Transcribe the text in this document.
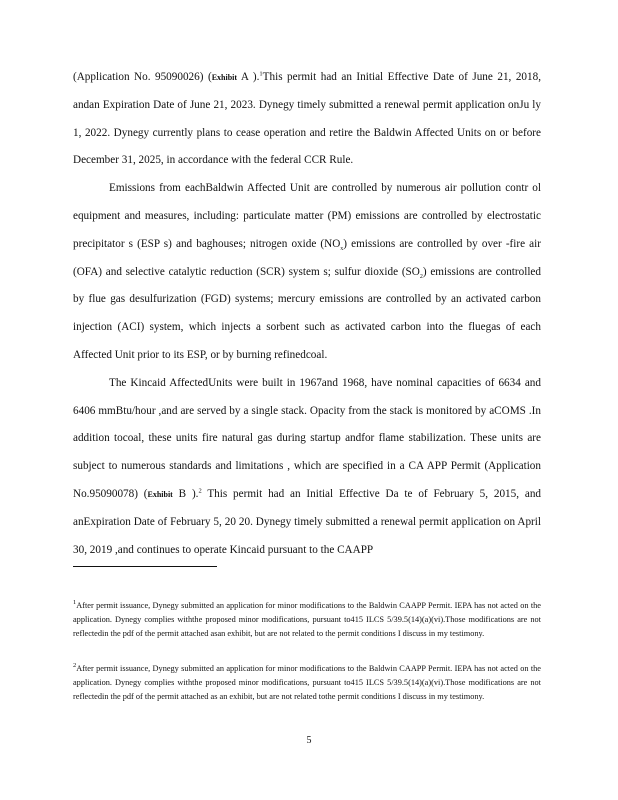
(Application No. 95090026) (Exhibit A ).$^1$This permit had an Initial Effective Date of June 21, 2018, andan Expiration Date of June 21, 2023. Dynegy timely submitted a renewal permit application onJu ly 1, 2022. Dynegy currently plans to cease operation and retire the Baldwin Affected Units on or before December 31, 2025, in accordance with the federal CCR Rule.

Emissions from eachBaldwin Affected Unit are controlled by numerous air pollution contr ol equipment and measures, including: particulate matter (PM) emissions are controlled by electrostatic precipitator s (ESP s) and baghouses; nitrogen oxide $(NO_x)$ emissions are controlled by over -fire air (OFA) and selective catalytic reduction (SCR) system s; sulfur dioxide $(SO_2)$ emissions are controlled by flue gas desulfurization (FGD) systems; mercury emissions are controlled by an activated carbon injection (ACI) system, which injects a sorbent such as activated carbon into the fluegas of each Affected Unit prior to its ESP, or by burning refinedcoal.

The Kincaid AffectedUnits were built in 1967and 1968, have nominal capacities of 6634 and 6406 mmBtu/hour ,and are served by a single stack. Opacity from the stack is monitored by aCOMS .In addition tocoal, these units fire natural gas during startup andfor flame stabilization. These units are subject to numerous standards and limitations , which are specified in a CA APP Permit (Application No.95090078) (Exhibit B ).$^2$ This permit had an Initial Effective Da te of February 5, 2015, and anExpiration Date of February 5, 20 20. Dynegy timely submitted a renewal permit application on April 30, 2019 ,and continues to operate Kincaid pursuant to the CAAPP

$^1$After permit issuance, Dynegy submitted an application for minor modifications to the Baldwin CAAPP Permit. IEPA has not acted on the application. Dynegy complies withthe proposed minor modifications, pursuant to415 ILCS 5/39.5(14)(a)(vi).Those modifications are not reflectedin the pdf of the permit attached asan exhibit, but are not related to the permit conditions I discuss in my testimony.

$^2$After permit issuance, Dynegy submitted an application for minor modifications to the Baldwin CAAPP Permit. IEPA has not acted on the application. Dynegy complies withthe proposed minor modifications, pursuant to415 ILCS 5/39.5(14)(a)(vi).Those modifications are not reflectedin the pdf of the permit attached as an exhibit, but are not related tothe permit conditions I discuss in my testimony.

5
